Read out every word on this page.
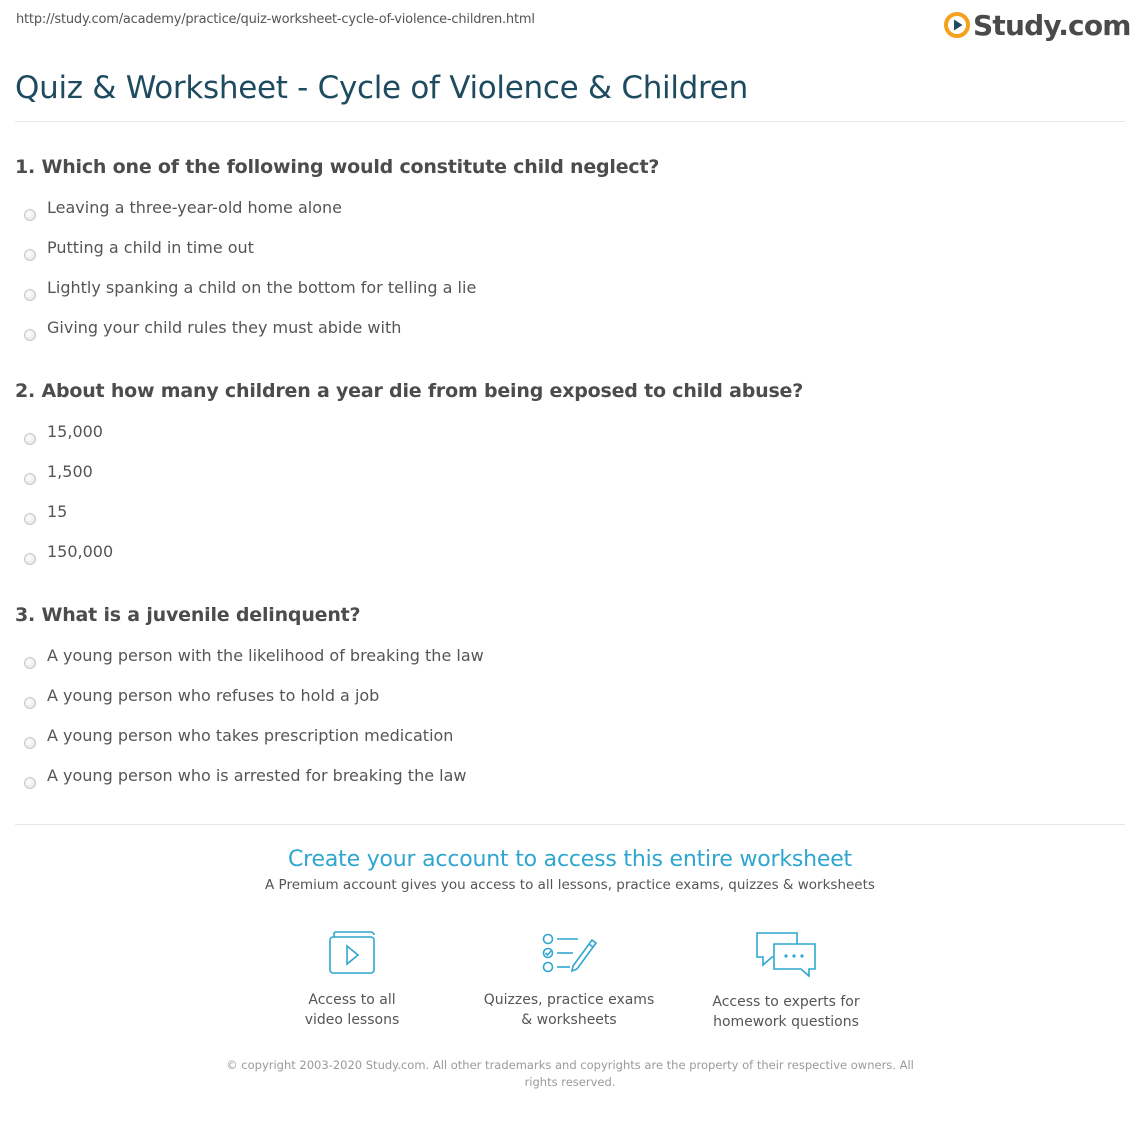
http://study.com/academy/practice/quiz-worksheet-cycle-of-violence-children.html	Study.com
Quiz & Worksheet - Cycle of Violence & Children
1. Which one of the following would constitute child neglect?
Leaving a three-year-old home alone
Putting a child in time out
Lightly spanking a child on the bottom for telling a lie
Giving your child rules they must abide with
2. About how many children a year die from being exposed to child abuse?
15,000
1,500
15
150,000
3. What is a juvenile delinquent?
A young person with the likelihood of breaking the law
A young person who refuses to hold a job
A young person who takes prescription medication
A young person who is arrested for breaking the law
Create your account to access this entire worksheet
A Premium account gives you access to all lessons, practice exams, quizzes & worksheets
Access to all
video lessons
Quizzes, practice exams
& worksheets
Access to experts for
homework questions
© copyright 2003-2020 Study.com. All other trademarks and copyrights are the property of their respective owners. All rights reserved.
